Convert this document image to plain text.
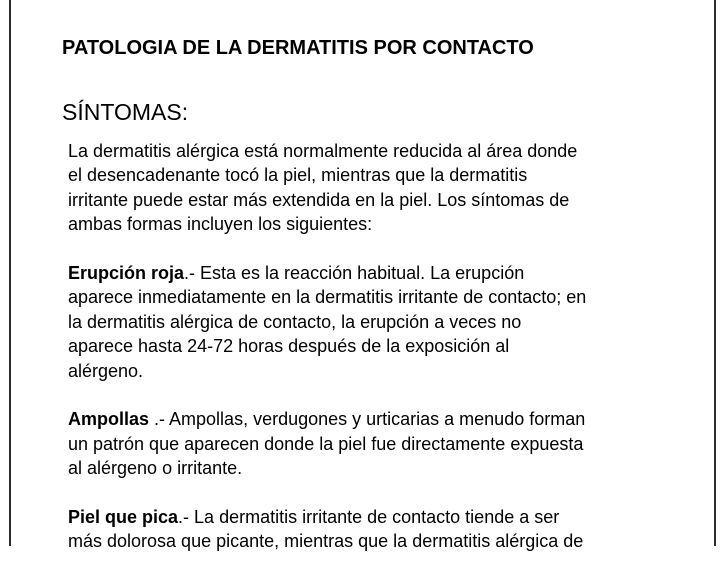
PATOLOGIA DE LA DERMATITIS POR CONTACTO
SÍNTOMAS:

La dermatitis alérgica está normalmente reducida al área donde
el desencadenante tocó la piel, mientras que la dermatitis
irritante puede estar más extendida en la piel. Los síntomas de
ambas formas incluyen los siguientes:

Erupción roja.- Esta es la reacción habitual. La erupción
aparece inmediatamente en la dermatitis irritante de contacto; en
la dermatitis alérgica de contacto, la erupción a veces no
aparece hasta 24-72 horas después de la exposición al
alérgeno.

Ampollas .- Ampollas, verdugones y urticarias a menudo forman
un patrón que aparecen donde la piel fue directamente expuesta
al alérgeno o irritante.

Piel que pica.- La dermatitis irritante de contacto tiende a ser
más dolorosa que picante, mientras que la dermatitis alérgica de
